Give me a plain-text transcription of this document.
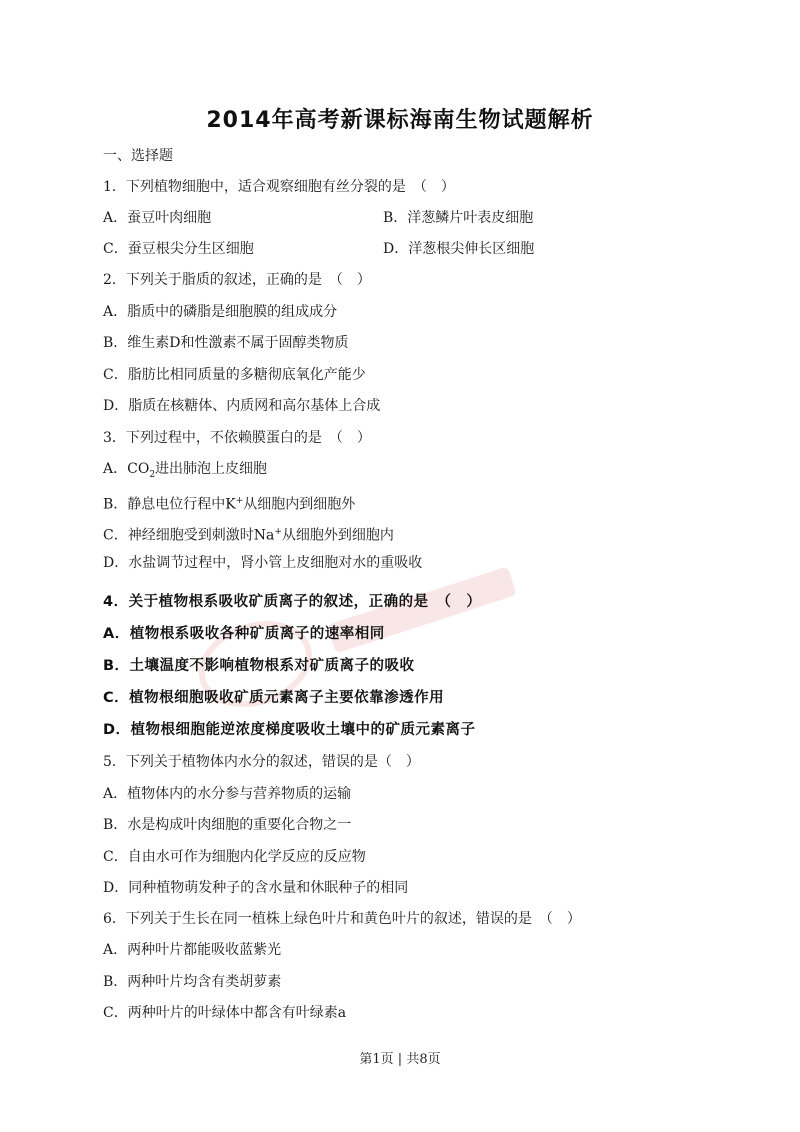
2014年高考新课标海南生物试题解析
一、选择题
1．下列植物细胞中，适合观察细胞有丝分裂的是　（　）
A．蚕豆叶肉细胞	B．洋葱鳞片叶表皮细胞
C．蚕豆根尖分生区细胞	D．洋葱根尖伸长区细胞
2．下列关于脂质的叙述，正确的是　（　）
A．脂质中的磷脂是细胞膜的组成成分
B．维生素D和性激素不属于固醇类物质
C．脂肪比相同质量的多糖彻底氧化产能少
D．脂质在核糖体、内质网和高尔基体上合成
3．下列过程中，不依赖膜蛋白的是　（　）
A．$CO_2$进出肺泡上皮细胞
B．静息电位行程中K+从细胞内到细胞外
C．神经细胞受到刺激时Na+从细胞外到细胞内
D．水盐调节过程中，肾小管上皮细胞对水的重吸收
4．关于植物根系吸收矿质离子的叙述，正确的是　（　）
A．植物根系吸收各种矿质离子的速率相同
B．土壤温度不影响植物根系对矿质离子的吸收
C．植物根细胞吸收矿质元素离子主要依靠渗透作用
D．植物根细胞能逆浓度梯度吸收土壤中的矿质元素离子
5．下列关于植物体内水分的叙述，错误的是（　）
A．植物体内的水分参与营养物质的运输
B．水是构成叶肉细胞的重要化合物之一
C．自由水可作为细胞内化学反应的反应物
D．同种植物萌发种子的含水量和休眠种子的相同
6．下列关于生长在同一植株上绿色叶片和黄色叶片的叙述，错误的是　（　）
A．两种叶片都能吸收蓝紫光
B．两种叶片均含有类胡萝素
C．两种叶片的叶绿体中都含有叶绿素a
第1页 | 共8页
